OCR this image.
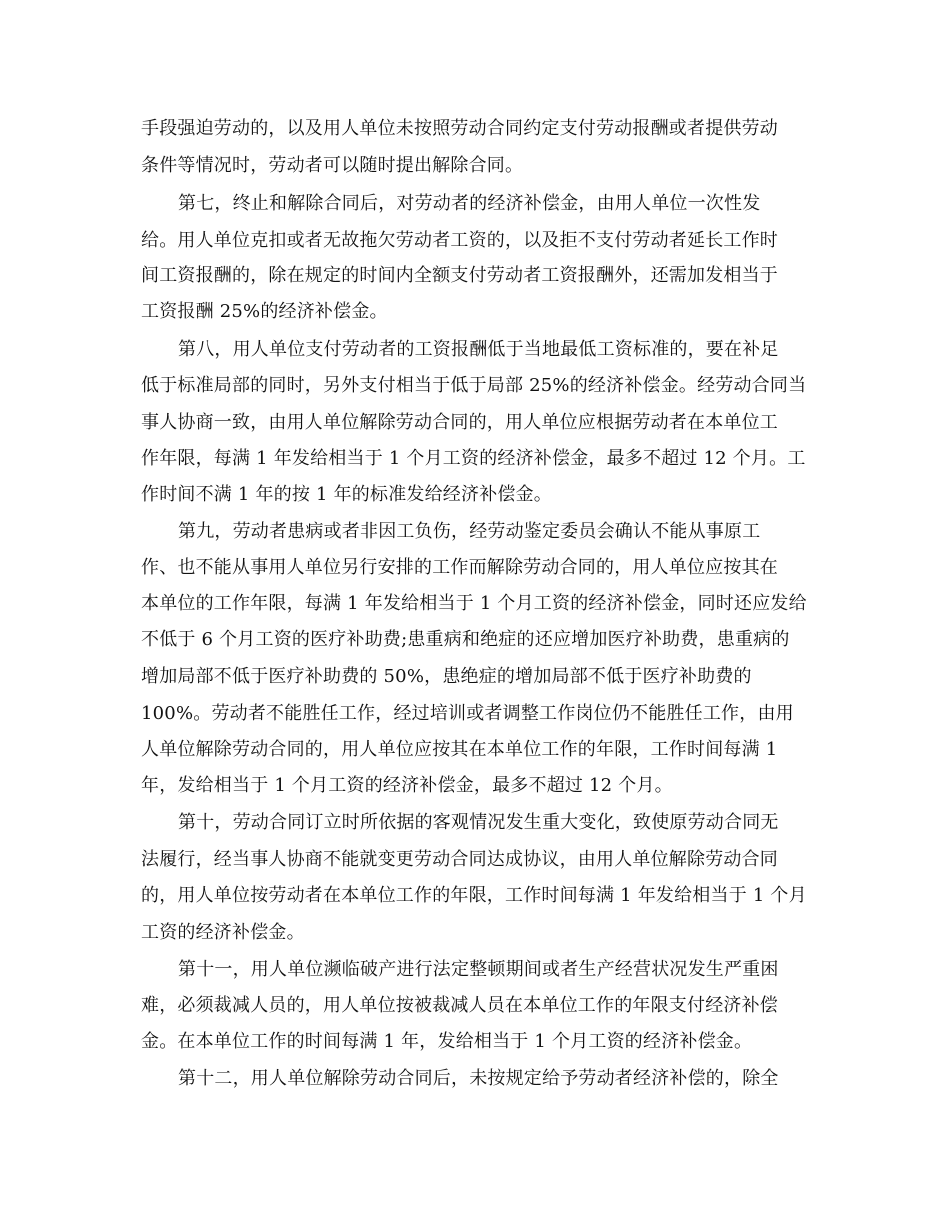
手段强迫劳动的，以及用人单位未按照劳动合同约定支付劳动报酬或者提供劳动

条件等情况时，劳动者可以随时提出解除合同。

第七，终止和解除合同后，对劳动者的经济补偿金，由用人单位一次性发

给。用人单位克扣或者无故拖欠劳动者工资的，以及拒不支付劳动者延长工作时

间工资报酬的，除在规定的时间内全额支付劳动者工资报酬外，还需加发相当于

工资报酬 25%的经济补偿金。

第八，用人单位支付劳动者的工资报酬低于当地最低工资标准的，要在补足

低于标准局部的同时，另外支付相当于低于局部 25%的经济补偿金。经劳动合同当

事人协商一致，由用人单位解除劳动合同的，用人单位应根据劳动者在本单位工

作年限，每满 1 年发给相当于 1 个月工资的经济补偿金，最多不超过 12 个月。工

作时间不满 1 年的按 1 年的标准发给经济补偿金。

第九，劳动者患病或者非因工负伤，经劳动鉴定委员会确认不能从事原工

作、也不能从事用人单位另行安排的工作而解除劳动合同的，用人单位应按其在

本单位的工作年限，每满 1 年发给相当于 1 个月工资的经济补偿金，同时还应发给

不低于 6 个月工资的医疗补助费;患重病和绝症的还应增加医疗补助费，患重病的

增加局部不低于医疗补助费的 50%，患绝症的增加局部不低于医疗补助费的

100%。劳动者不能胜任工作，经过培训或者调整工作岗位仍不能胜任工作，由用

人单位解除劳动合同的，用人单位应按其在本单位工作的年限，工作时间每满 1

年，发给相当于 1 个月工资的经济补偿金，最多不超过 12 个月。

第十，劳动合同订立时所依据的客观情况发生重大变化，致使原劳动合同无

法履行，经当事人协商不能就变更劳动合同达成协议，由用人单位解除劳动合同

的，用人单位按劳动者在本单位工作的年限，工作时间每满 1 年发给相当于 1 个月

工资的经济补偿金。

第十一，用人单位濒临破产进行法定整顿期间或者生产经营状况发生严重困

难，必须裁减人员的，用人单位按被裁减人员在本单位工作的年限支付经济补偿

金。在本单位工作的时间每满 1 年，发给相当于 1 个月工资的经济补偿金。

第十二，用人单位解除劳动合同后，未按规定给予劳动者经济补偿的，除全
